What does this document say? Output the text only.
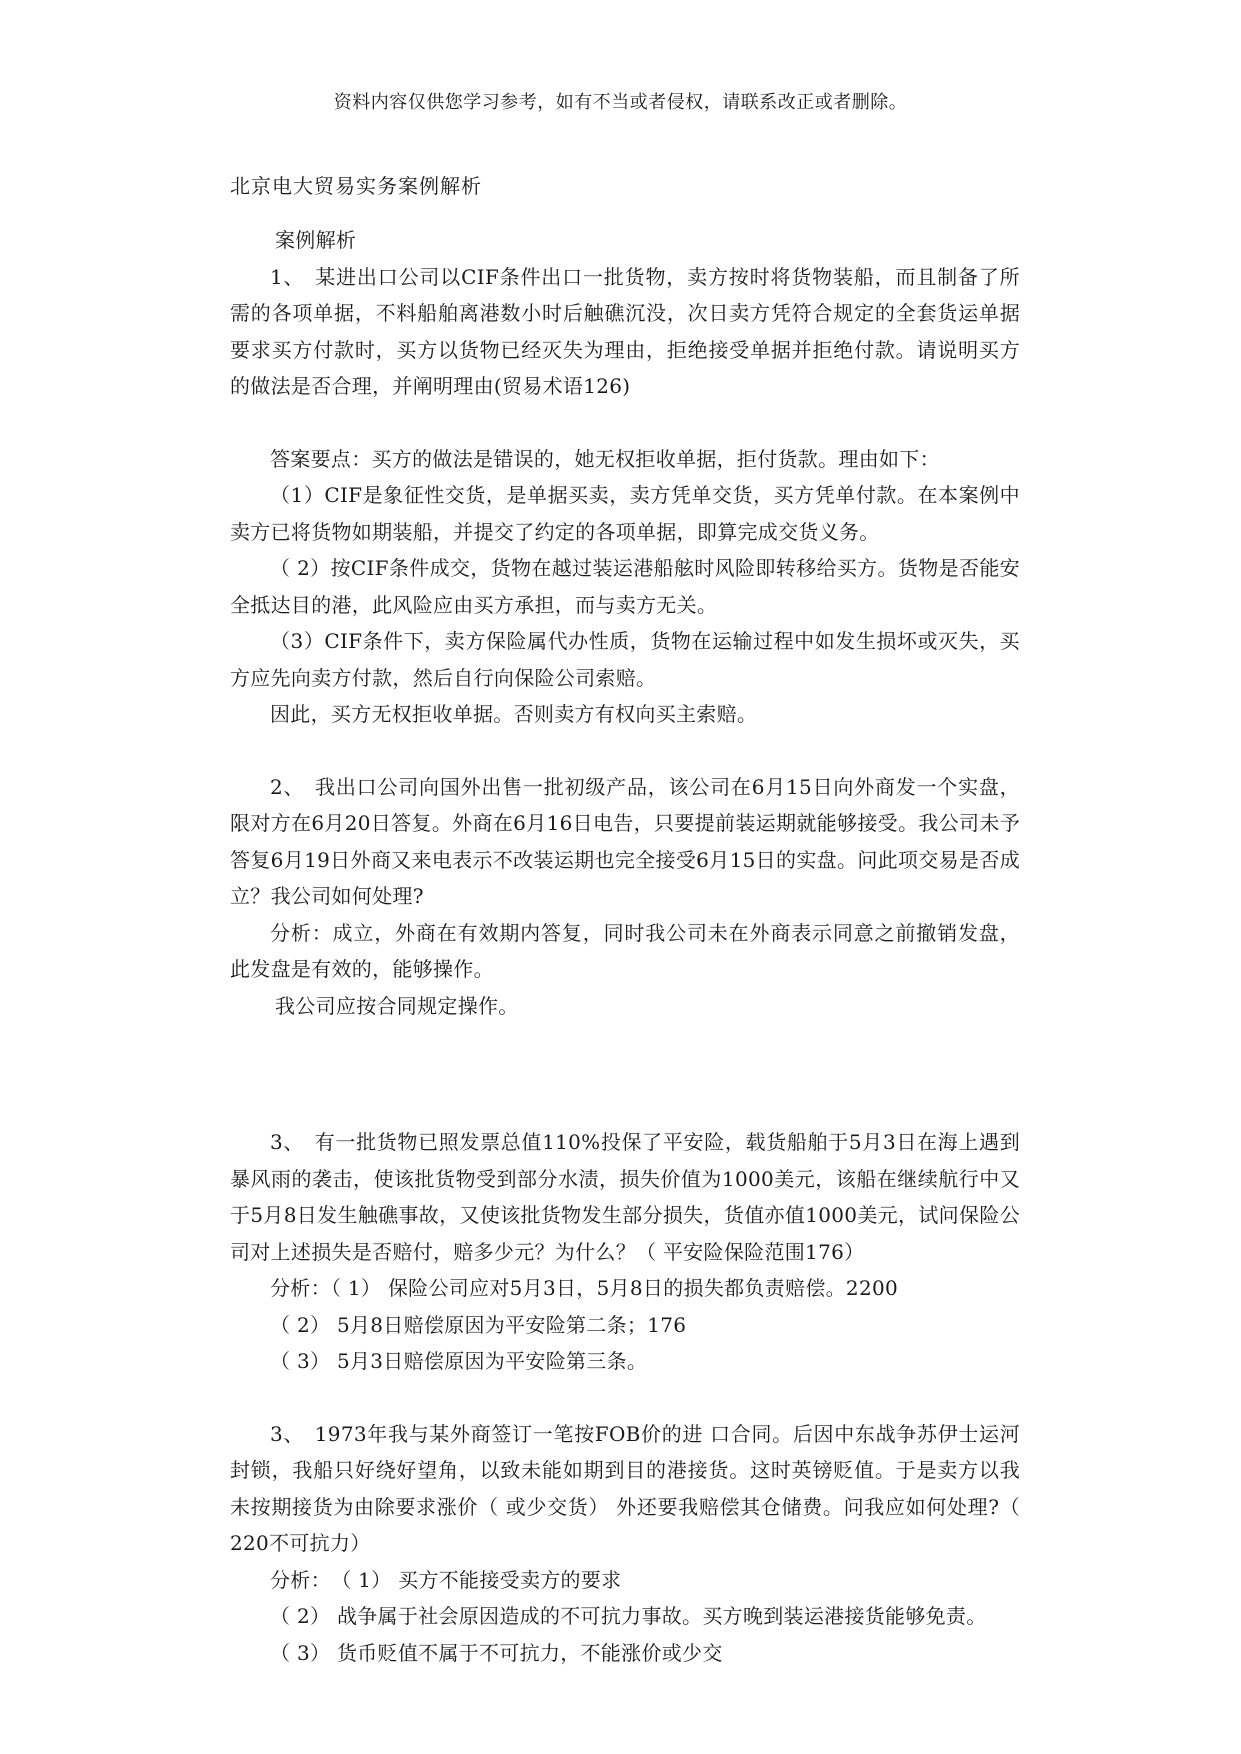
资料内容仅供您学习参考，如有不当或者侵权，请联系改正或者删除。
北京电大贸易实务案例解析

案例解析

1、　某进出口公司以CIF条件出口一批货物，卖方按时将货物装船，而且制备了所需的各项单据，不料船舶离港数小时后触礁沉没，次日卖方凭符合规定的全套货运单据要求买方付款时，买方以货物已经灭失为理由，拒绝接受单据并拒绝付款。请说明买方的做法是否合理，并阐明理由(贸易术语126)

答案要点：买方的做法是错误的，她无权拒收单据，拒付货款。理由如下：

（1）CIF是象征性交货，是单据买卖，卖方凭单交货，买方凭单付款。在本案例中卖方已将货物如期装船，并提交了约定的各项单据，即算完成交货义务。

（ 2）按CIF条件成交，货物在越过装运港船舷时风险即转移给买方。货物是否能安全抵达目的港，此风险应由买方承担，而与卖方无关。

（3）CIF条件下，卖方保险属代办性质，货物在运输过程中如发生损坏或灭失，买方应先向卖方付款，然后自行向保险公司索赔。

因此，买方无权拒收单据。否则卖方有权向买主索赔。

2、　我出口公司向国外出售一批初级产品，该公司在6月15日向外商发一个实盘，限对方在6月20日答复。外商在6月16日电告，只要提前装运期就能够接受。我公司未予答复6月19日外商又来电表示不改装运期也完全接受6月15日的实盘。问此项交易是否成立？我公司如何处理?

分析：成立，外商在有效期内答复，同时我公司未在外商表示同意之前撤销发盘，此发盘是有效的，能够操作。

我公司应按合同规定操作。

3、　有一批货物已照发票总值110%投保了平安险，载货船舶于5月3日在海上遇到暴风雨的袭击，使该批货物受到部分水渍，损失价值为1000美元，该船在继续航行中又于5月8日发生触礁事故，又使该批货物发生部分损失，货值亦值1000美元，试问保险公司对上述损失是否赔付，赔多少元？为什么？（ 平安险保险范围176）

分析：（ 1） 保险公司应对5月3日，5月8日的损失都负责赔偿。2200

（ 2） 5月8日赔偿原因为平安险第二条；176

（ 3） 5月3日赔偿原因为平安险第三条。

3、　1973年我与某外商签订一笔按FOB价的进 口合同。后因中东战争苏伊士运河封锁，我船只好绕好望角，以致未能如期到目的港接货。这时英镑贬值。于是卖方以我未按期接货为由除要求涨价（ 或少交货） 外还要我赔偿其仓储费。问我应如何处理?（ 220不可抗力）

分析：　（ 1） 买方不能接受卖方的要求

（ 2） 战争属于社会原因造成的不可抗力事故。买方晚到装运港接货能够免责。

（ 3） 货币贬值不属于不可抗力，不能涨价或少交
